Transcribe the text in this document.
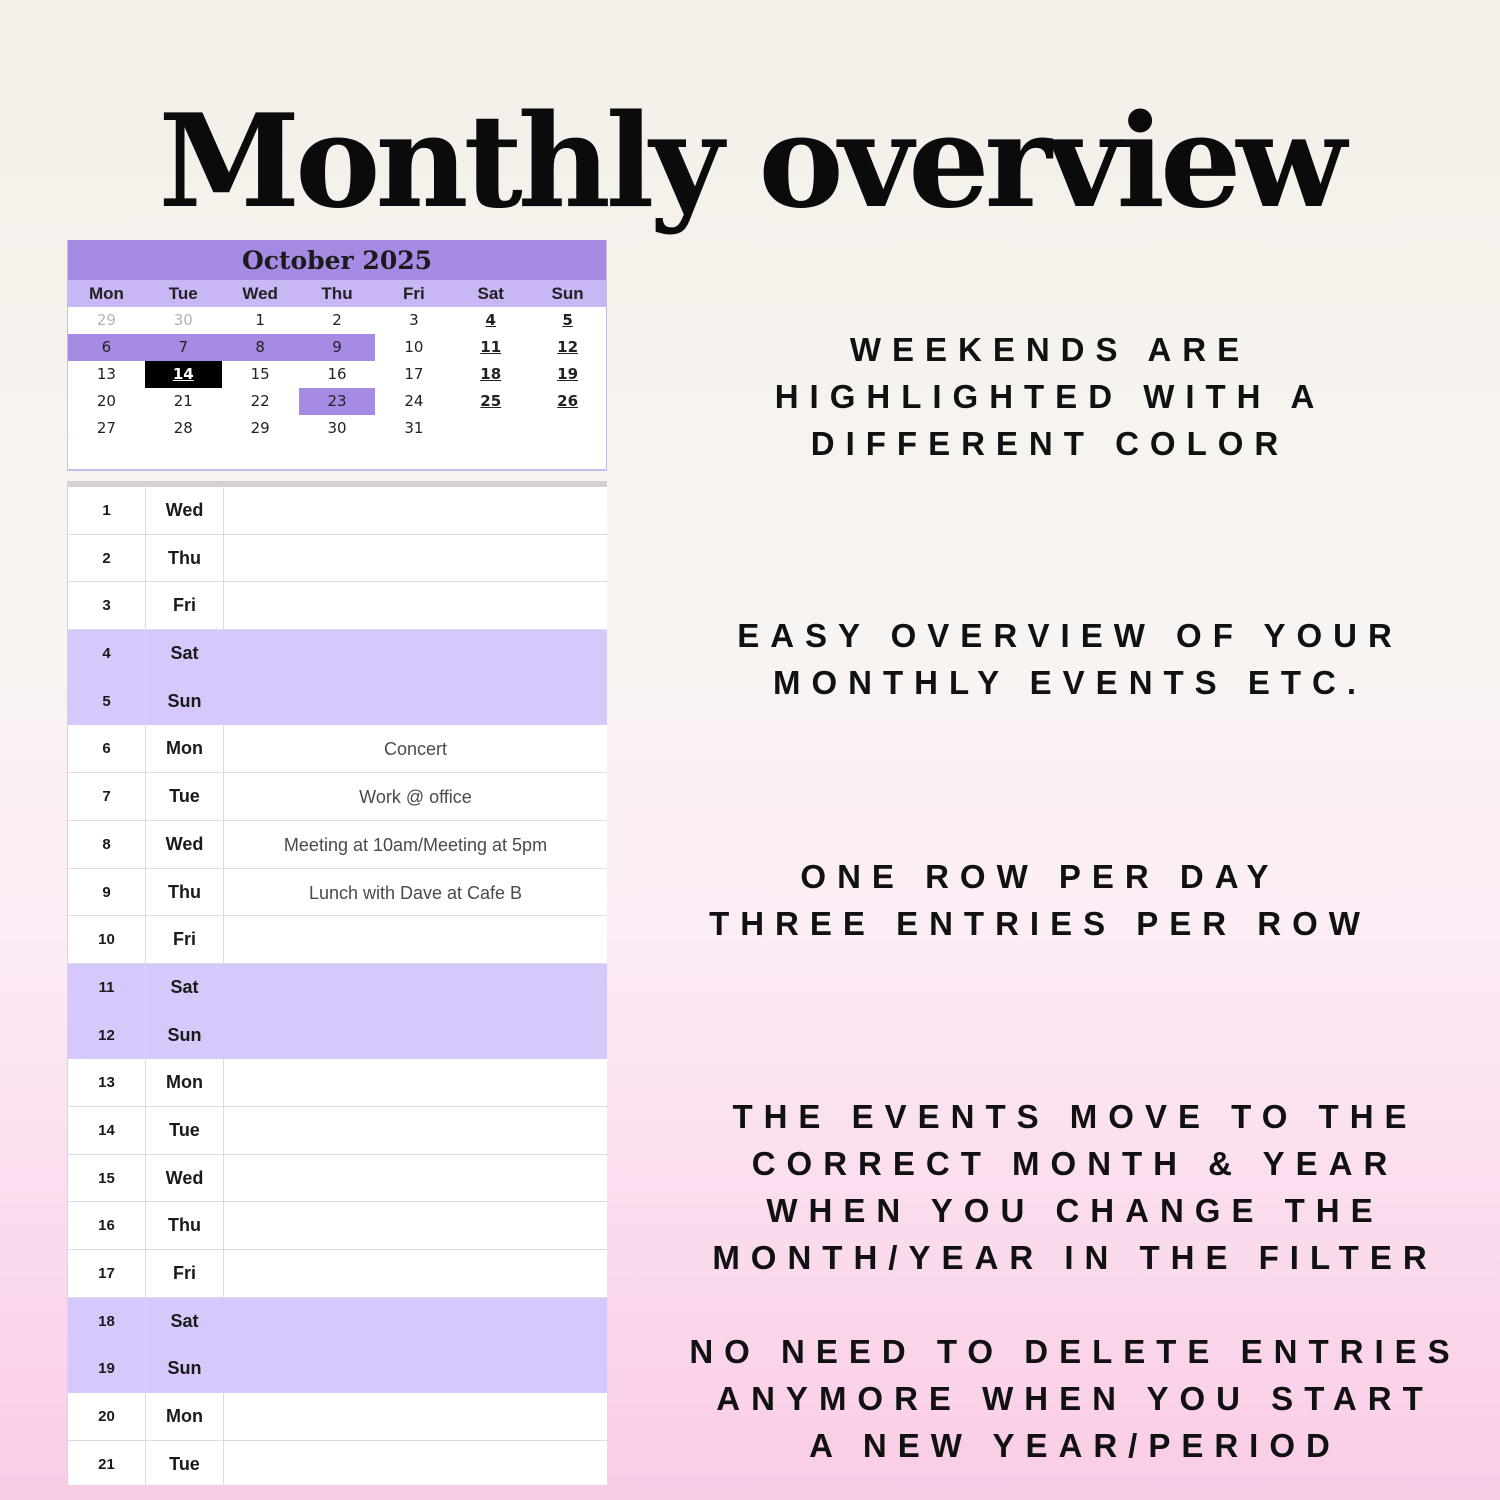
Monthly overview
October 2025
Mon	Tue	Wed	Thu	Fri	Sat	Sun
29	30	1	2	3	4	5
6	7	8	9	10	11	12
13	14	15	16	17	18	19
20	21	22	23	24	25	26
27	28	29	30	31
1	Wed
2	Thu
3	Fri
4	Sat
5	Sun
6	Mon	Concert
7	Tue	Work @ office
8	Wed	Meeting at 10am/Meeting at 5pm
9	Thu	Lunch with Dave at Cafe B
10	Fri
11	Sat
12	Sun
13	Mon
14	Tue
15	Wed
16	Thu
17	Fri
18	Sat
19	Sun
20	Mon
21	Tue
WEEKENDS ARE
HIGHLIGHTED WITH A
DIFFERENT COLOR
EASY OVERVIEW OF YOUR
MONTHLY EVENTS ETC.
ONE ROW PER DAY
THREE ENTRIES PER ROW
THE EVENTS MOVE TO THE
CORRECT MONTH & YEAR
WHEN YOU CHANGE THE
MONTH/YEAR IN THE FILTER
NO NEED TO DELETE ENTRIES
ANYMORE WHEN YOU START
A NEW YEAR/PERIOD
